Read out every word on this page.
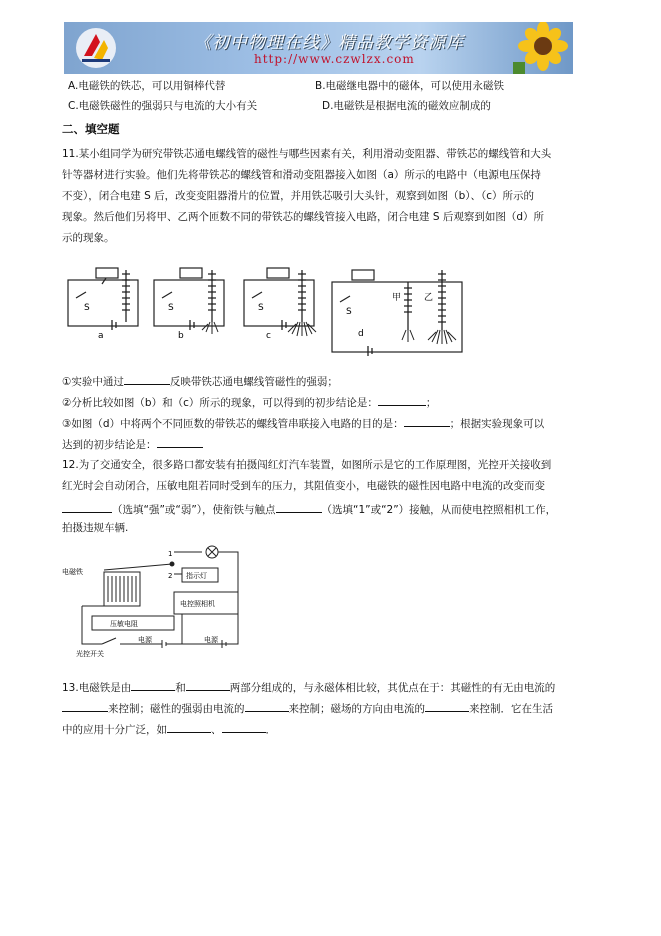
《初中物理在线》精品教学资源库
http://www.czwlzx.com
A.电磁铁的铁芯，可以用铜棒代替	B.电磁继电器中的磁体，可以使用永磁铁
C.电磁铁磁性的强弱只与电流的大小有关	D.电磁铁是根据电流的磁效应制成的
二、填空题
11.某小组同学为研究带铁芯通电螺线管的磁性与哪些因素有关，利用滑动变阻器、带铁芯的螺线管和大头
针等器材进行实验。他们先将带铁芯的螺线管和滑动变阻器接入如图（a）所示的电路中（电源电压保持
不变），闭合电建 S 后，改变变阻器滑片的位置，并用铁芯吸引大头针，观察到如图（b）、（c）所示的
现象。然后他们另将甲、乙两个匝数不同的带铁芯的螺线管接入电路，闭合电建 S 后观察到如图（d）所
示的现象。
S	S	S	S
a	b	c	d
甲	乙
①实验中通过	反映带铁芯通电螺线管磁性的强弱；
②分析比较如图（b）和（c）所示的现象，可以得到的初步结论是：	；
③如图（d）中将两个不同匝数的带铁芯的螺线管串联接入电路的目的是：	；根据实验现象可以
达到的初步结论是：
12.为了交通安全，很多路口都安装有拍摄闯红灯汽车装置，如图所示是它的工作原理图，光控开关接收到
红光时会自动闭合，压敏电阻若同时受到车的压力，其阻值变小，电磁铁的磁性因电路中电流的改变而变
（选填“强”或“弱”），使衔铁与触点	（选填“1”或“2”）接触，从而使电控照相机工作，
拍摄违规车辆.
电磁铁	指示灯
电控照相机
压敏电阻
电源	电源
光控开关
1
2
13.电磁铁是由	和	两部分组成的，与永磁体相比较，其优点在于：其磁性的有无由电流的
来控制；磁性的强弱由电流的	来控制；磁场的方向由电流的	来控制．它在生活
中的应用十分广泛，如	、	．
